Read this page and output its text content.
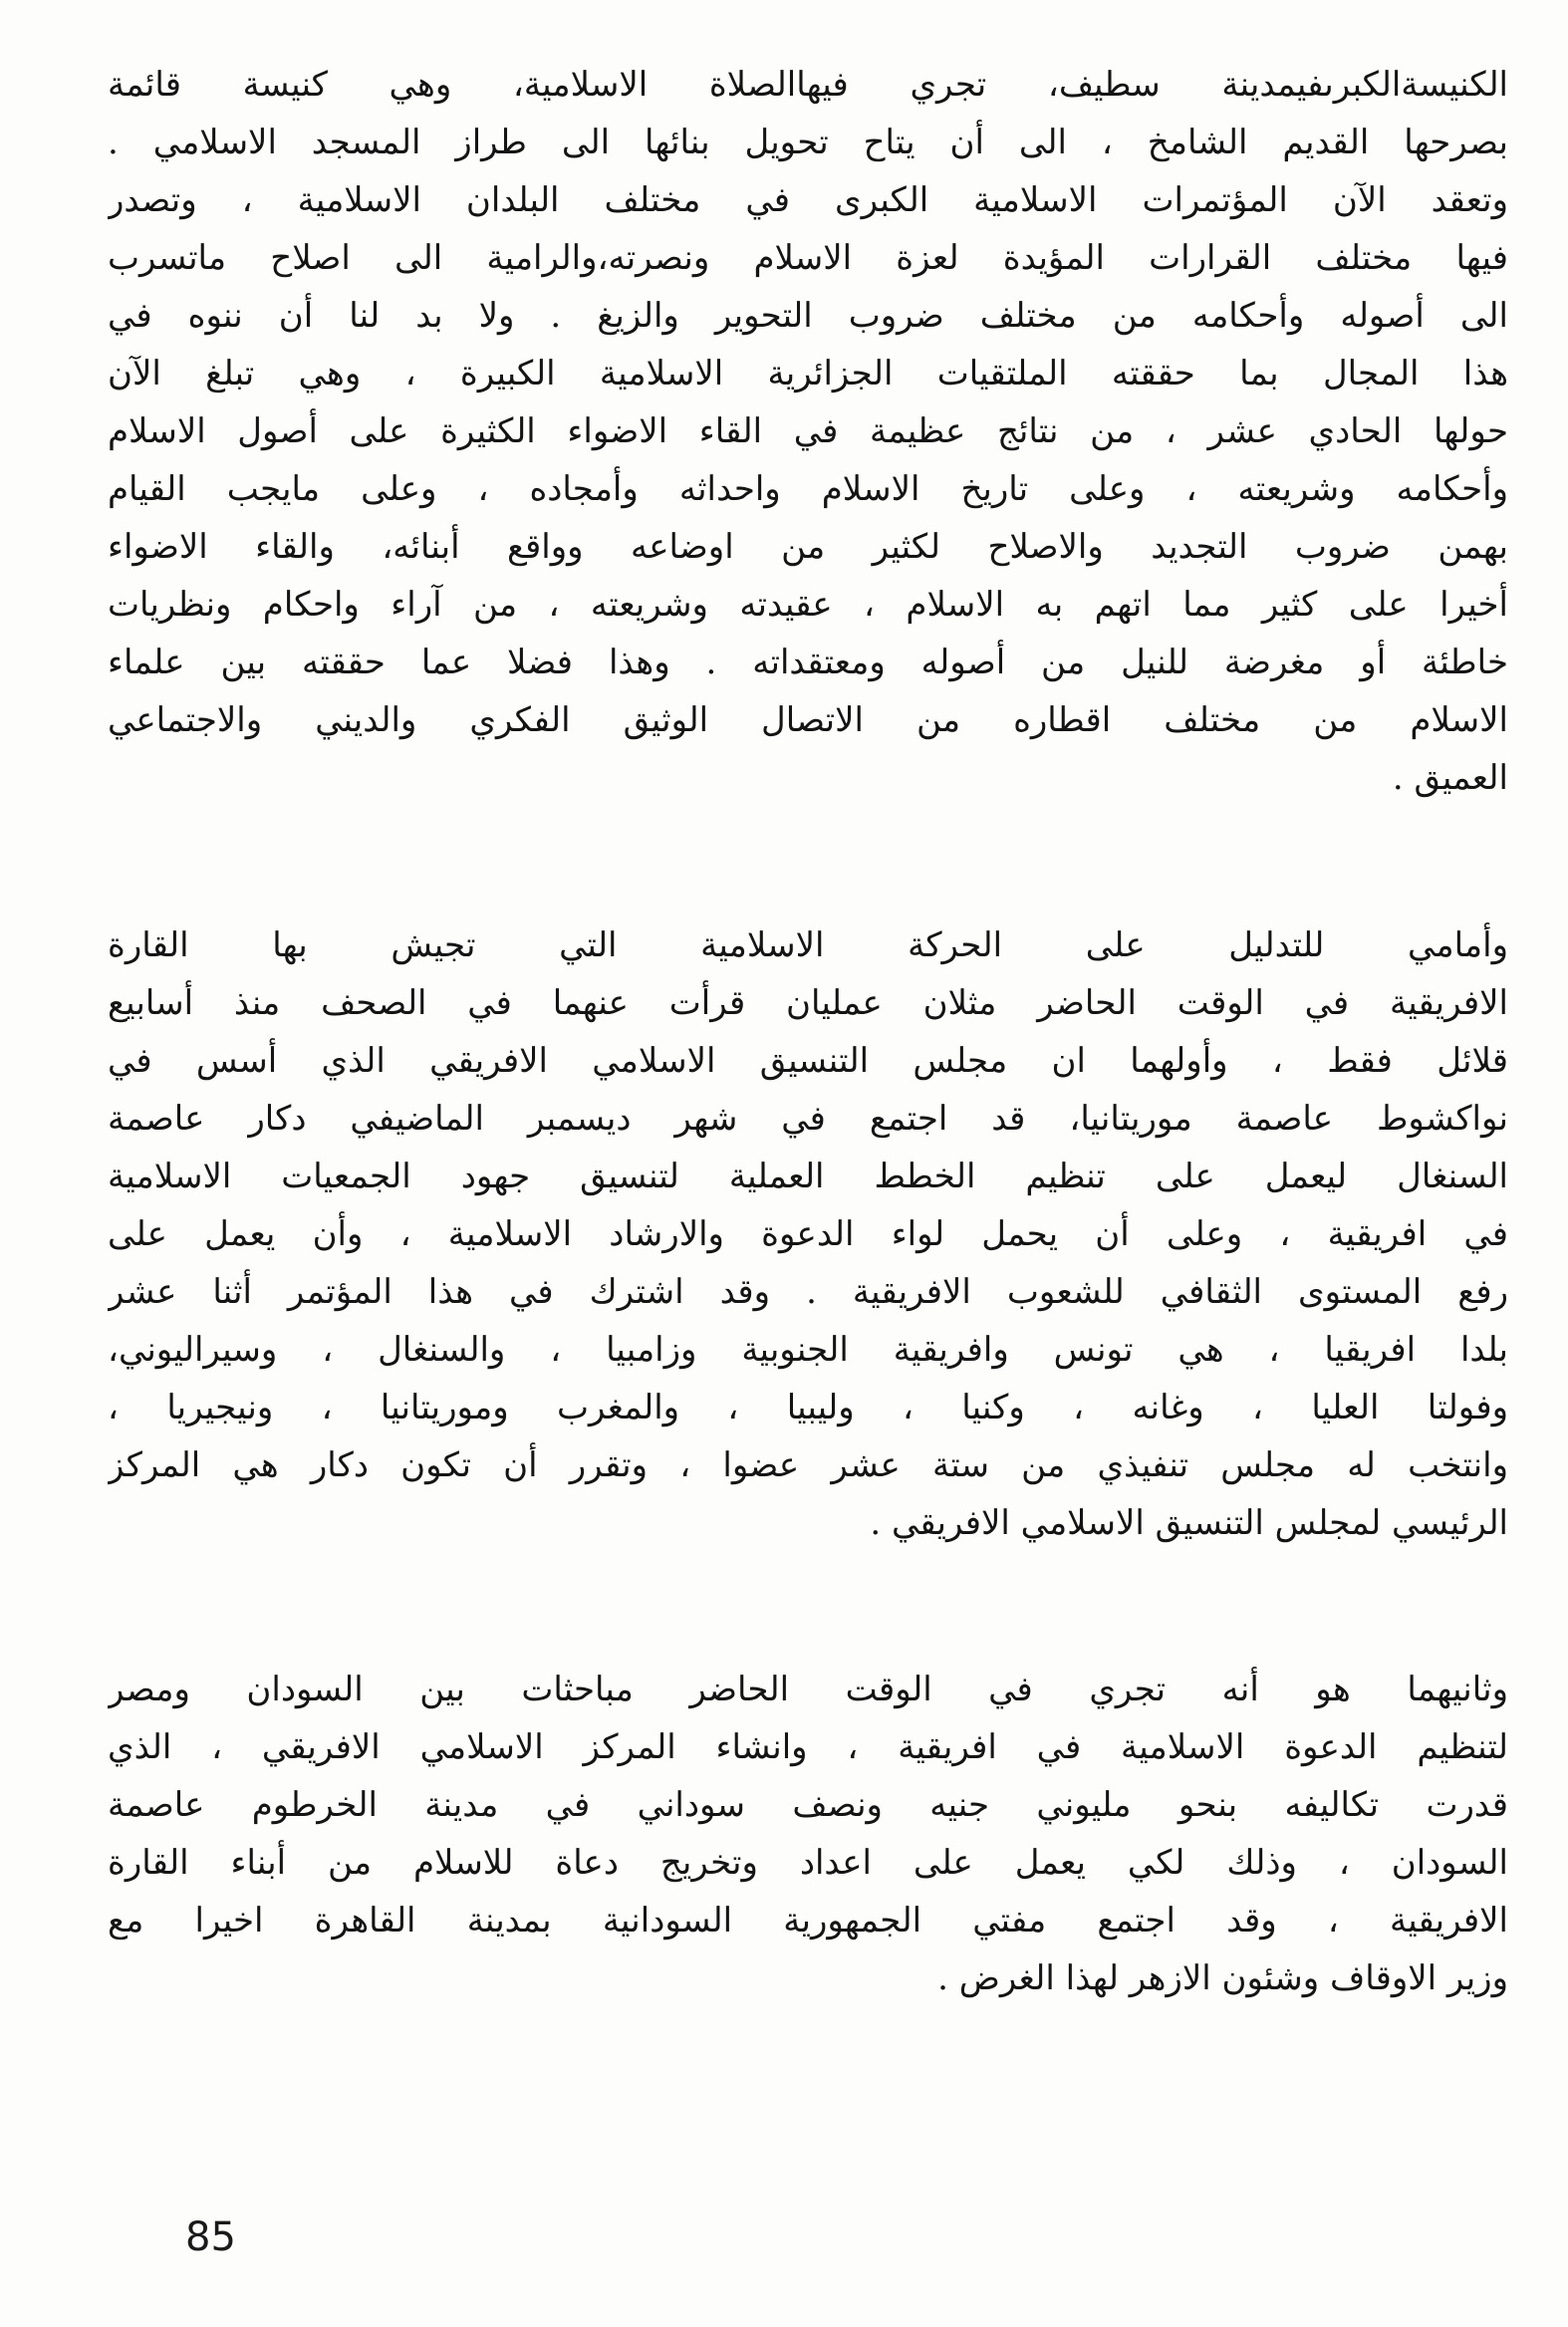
الكنيسةالكبرىفيمدينة سطيف، تجري فيهاالصلاة الاسلامية، وهي كنيسة قائمة
بصرحها القديم الشامخ ، الى أن يتاح تحويل بنائها الى طراز المسجد الاسلامي .
وتعقد الآن المؤتمرات الاسلامية الكبرى في مختلف البلدان الاسلامية ، وتصدر
فيها مختلف القرارات المؤيدة لعزة الاسلام ونصرته،والرامية الى اصلاح ماتسرب
الى أصوله وأحكامه من مختلف ضروب التحوير والزيغ . ولا بد لنا أن ننوه في
هذا المجال بما حققته الملتقيات الجزائرية الاسلامية الكبيرة ، وهي تبلغ الآن
حولها الحادي عشر ، من نتائج عظيمة في القاء الاضواء الكثيرة على أصول الاسلام
وأحكامه وشريعته ، وعلى تاريخ الاسلام واحداثه وأمجاده ، وعلى مايجب القيام
بهمن ضروب التجديد والاصلاح لكثير من اوضاعه وواقع أبنائه، والقاء الاضواء
أخيرا على كثير مما اتهم به الاسلام ، عقيدته وشريعته ، من آراء واحكام ونظريات
خاطئة أو مغرضة للنيل من أصوله ومعتقداته . وهذا فضلا عما حققته بين علماء
الاسلام من مختلف اقطاره من الاتصال الوثيق الفكري والديني والاجتماعي
العميق .
وأمامي للتدليل على الحركة الاسلامية التي تجيش بها القارة
الافريقية في الوقت الحاضر مثلان عمليان قرأت عنهما في الصحف منذ أسابيع
قلائل فقط ، وأولهما ان مجلس التنسيق الاسلامي الافريقي الذي أسس في
نواكشوط عاصمة موريتانيا، قد اجتمع في شهر ديسمبر الماضيفي دكار عاصمة
السنغال ليعمل على تنظيم الخطط العملية لتنسيق جهود الجمعيات الاسلامية
في افريقية ، وعلى أن يحمل لواء الدعوة والارشاد الاسلامية ، وأن يعمل على
رفع المستوى الثقافي للشعوب الافريقية . وقد اشترك في هذا المؤتمر أثنا عشر
بلدا افريقيا ، هي تونس وافريقية الجنوبية وزامبيا ، والسنغال ، وسيراليوني،
وفولتا العليا ، وغانه ، وكنيا ، وليبيا ، والمغرب وموريتانيا ، ونيجيريا ،
وانتخب له مجلس تنفيذي من ستة عشر عضوا ، وتقرر أن تكون دكار هي المركز
الرئيسي لمجلس التنسيق الاسلامي الافريقي .
وثانيهما هو أنه تجري في الوقت الحاضر مباحثات بين السودان ومصر
لتنظيم الدعوة الاسلامية في افريقية ، وانشاء المركز الاسلامي الافريقي ، الذي
قدرت تكاليفه بنحو مليوني جنيه ونصف سوداني في مدينة الخرطوم عاصمة
السودان ، وذلك لكي يعمل على اعداد وتخريج دعاة للاسلام من أبناء القارة
الافريقية ، وقد اجتمع مفتي الجمهورية السودانية بمدينة القاهرة اخيرا مع
وزير الاوقاف وشئون الازهر لهذا الغرض .
85
